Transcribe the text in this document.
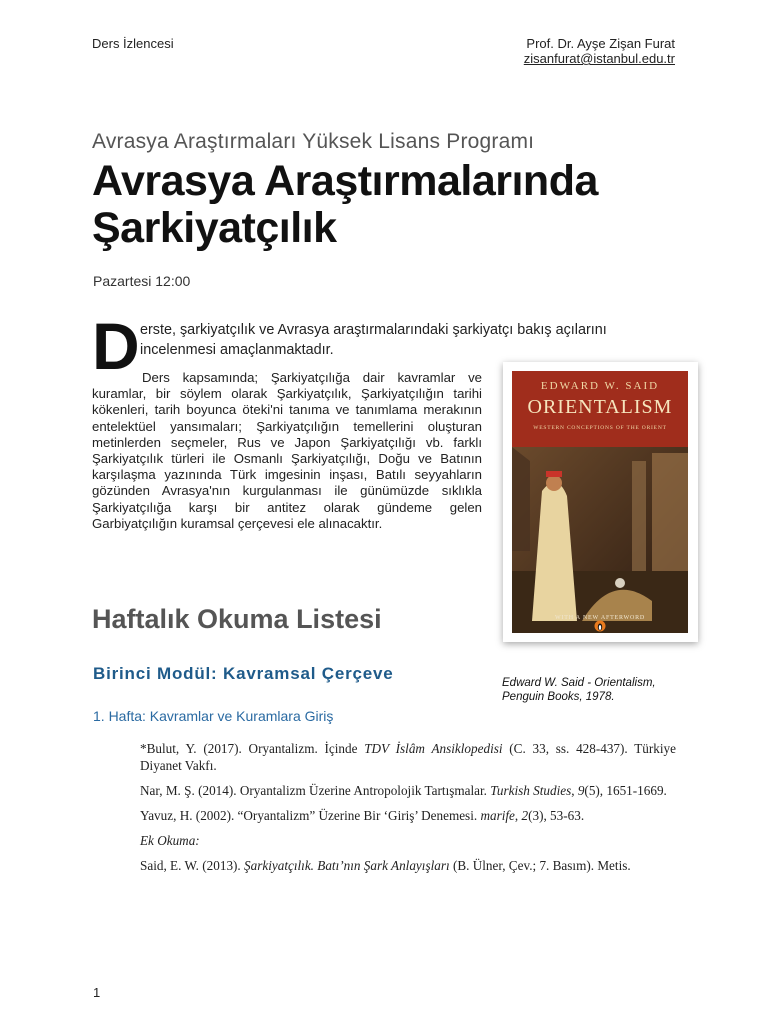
Ders İzlencesi	Prof. Dr. Ayşe Zişan Furat
zisanfurat@istanbul.edu.tr
Avrasya Araştırmaları Yüksek Lisans Programı
Avrasya Araştırmalarında
Şarkiyatçılık
Pazartesi 12:00
D erste, şarkiyatçılık ve Avrasya araştırmalarındaki şarkiyatçı bakış açılarını
incelenmesi amaçlanmaktadır.
Ders kapsamında; Şarkiyatçılığa dair kavramlar ve kuramlar, bir söylem olarak Şarkiyatçılık, Şarkiyatçılığın tarihi kökenleri, tarih boyunca öteki'ni tanıma ve tanımlama merakının entelektüel yansımaları; Şarkiyatçılığın temellerini oluşturan metinlerden seçmeler, Rus ve Japon Şarkiyatçılığı vb. farklı Şarkiyatçılık türleri ile Osmanlı Şarkiyatçılığı, Doğu ve Batının karşılaşma yazınında Türk imgesinin inşası, Batılı seyyahların gözünden Avrasya'nın kurgulanması ile günümüzde sıklıkla Şarkiyatçılığa karşı bir antitez olarak gündeme gelen Garbiyatçılığın kuramsal çerçevesi ele alınacaktır.
EDWARD W. SAID
ORIENTALISM
WESTERN CONCEPTIONS OF THE ORIENT
WITH A NEW AFTERWORD
Edward W. Said - Orientalism,
Penguin Books, 1978.
Haftalık Okuma Listesi
Birinci Modül: Kavramsal Çerçeve
1. Hafta: Kavramlar ve Kuramlara Giriş
*Bulut, Y. (2017). Oryantalizm. İçinde TDV İslâm Ansiklopedisi (C. 33, ss. 428-437). Türkiye Diyanet Vakfı.
Nar, M. Ş. (2014). Oryantalizm Üzerine Antropolojik Tartışmalar. Turkish Studies, 9(5), 1651-1669.
Yavuz, H. (2002). “Oryantalizm” Üzerine Bir ‘Giriş’ Denemesi. marife, 2(3), 53-63.
Ek Okuma:
Said, E. W. (2013). Şarkiyatçılık. Batı’nın Şark Anlayışları (B. Ülner, Çev.; 7. Basım). Metis.
1
